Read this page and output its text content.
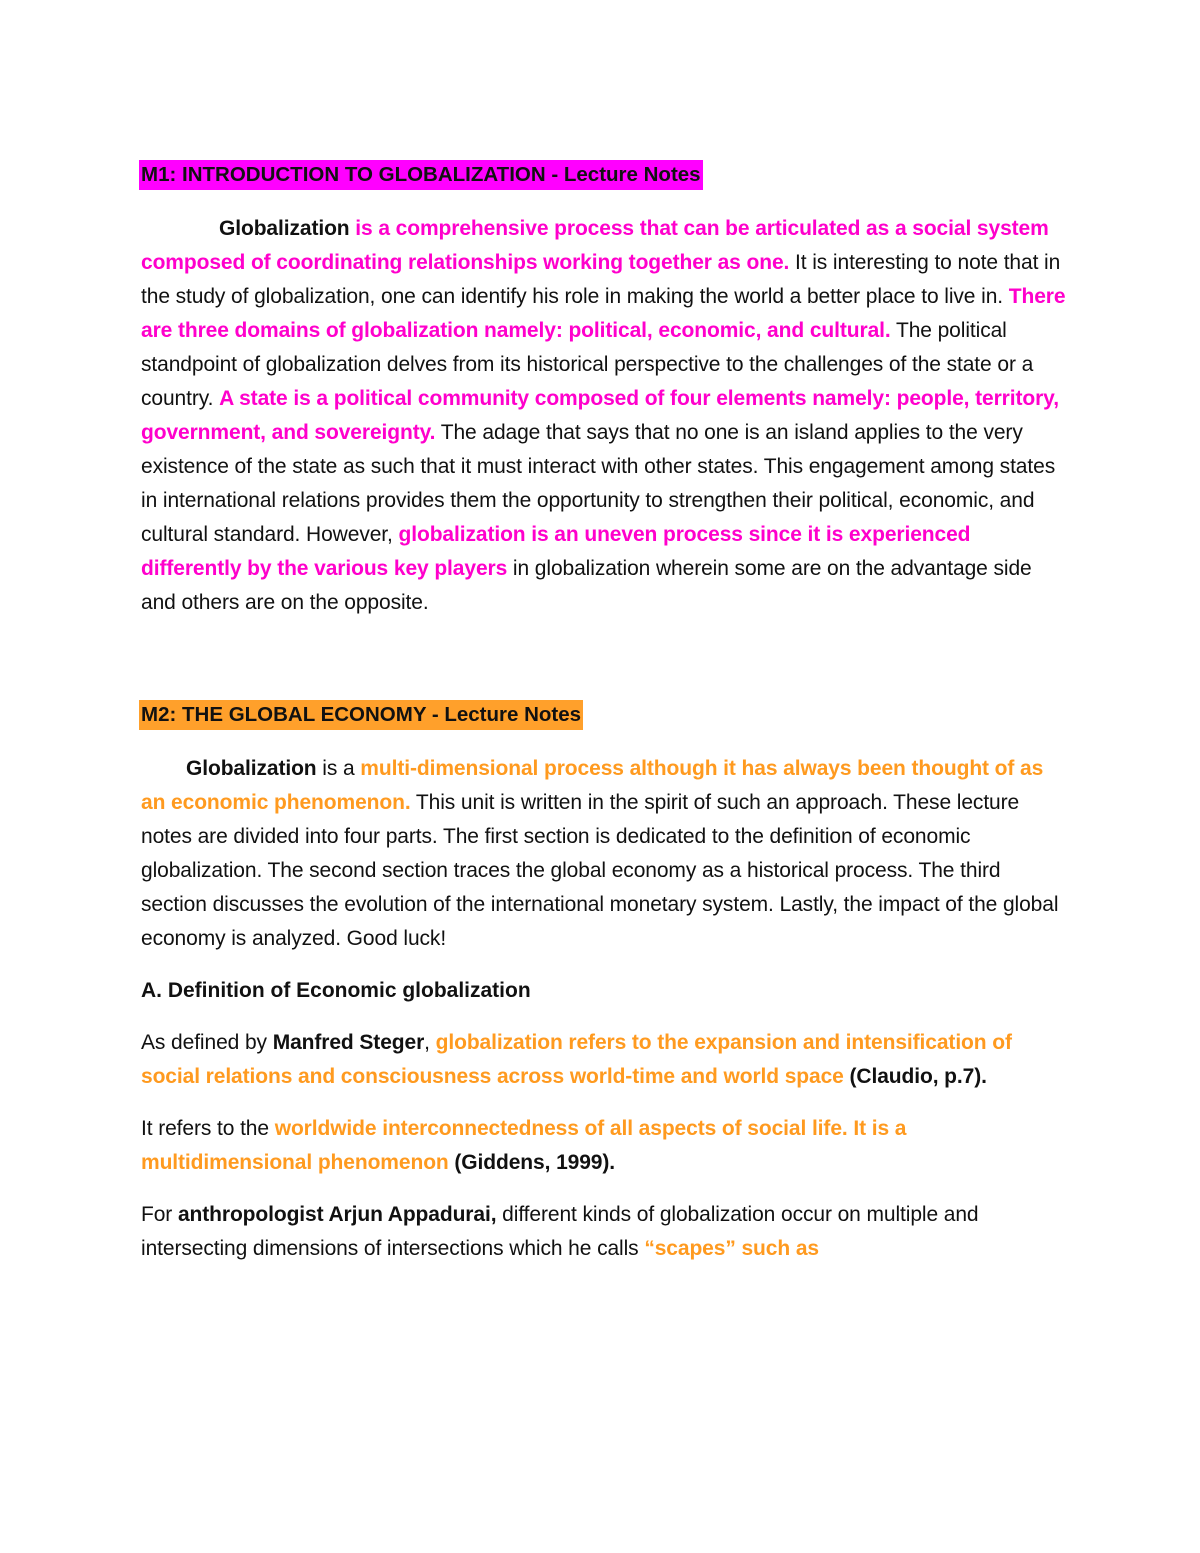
M1: INTRODUCTION TO GLOBALIZATION - Lecture Notes

Globalization is a comprehensive process that can be articulated as a social system composed of coordinating relationships working together as one. It is interesting to note that in the study of globalization, one can identify his role in making the world a better place to live in. There are three domains of globalization namely: political, economic, and cultural. The political standpoint of globalization delves from its historical perspective to the challenges of the state or a country. A state is a political community composed of four elements namely: people, territory, government, and sovereignty. The adage that says that no one is an island applies to the very existence of the state as such that it must interact with other states. This engagement among states in international relations provides them the opportunity to strengthen their political, economic, and cultural standard. However, globalization is an uneven process since it is experienced differently by the various key players in globalization wherein some are on the advantage side and others are on the opposite.

M2: THE GLOBAL ECONOMY - Lecture Notes

Globalization is a multi-dimensional process although it has always been thought of as an economic phenomenon. This unit is written in the spirit of such an approach. These lecture notes are divided into four parts. The first section is dedicated to the definition of economic globalization. The second section traces the global economy as a historical process. The third section discusses the evolution of the international monetary system. Lastly, the impact of the global economy is analyzed. Good luck!

A. Definition of Economic globalization

As defined by Manfred Steger, globalization refers to the expansion and intensification of social relations and consciousness across world-time and world space (Claudio, p.7).

It refers to the worldwide interconnectedness of all aspects of social life. It is a multidimensional phenomenon (Giddens, 1999).

For anthropologist Arjun Appadurai, different kinds of globalization occur on multiple and intersecting dimensions of intersections which he calls “scapes” such as
